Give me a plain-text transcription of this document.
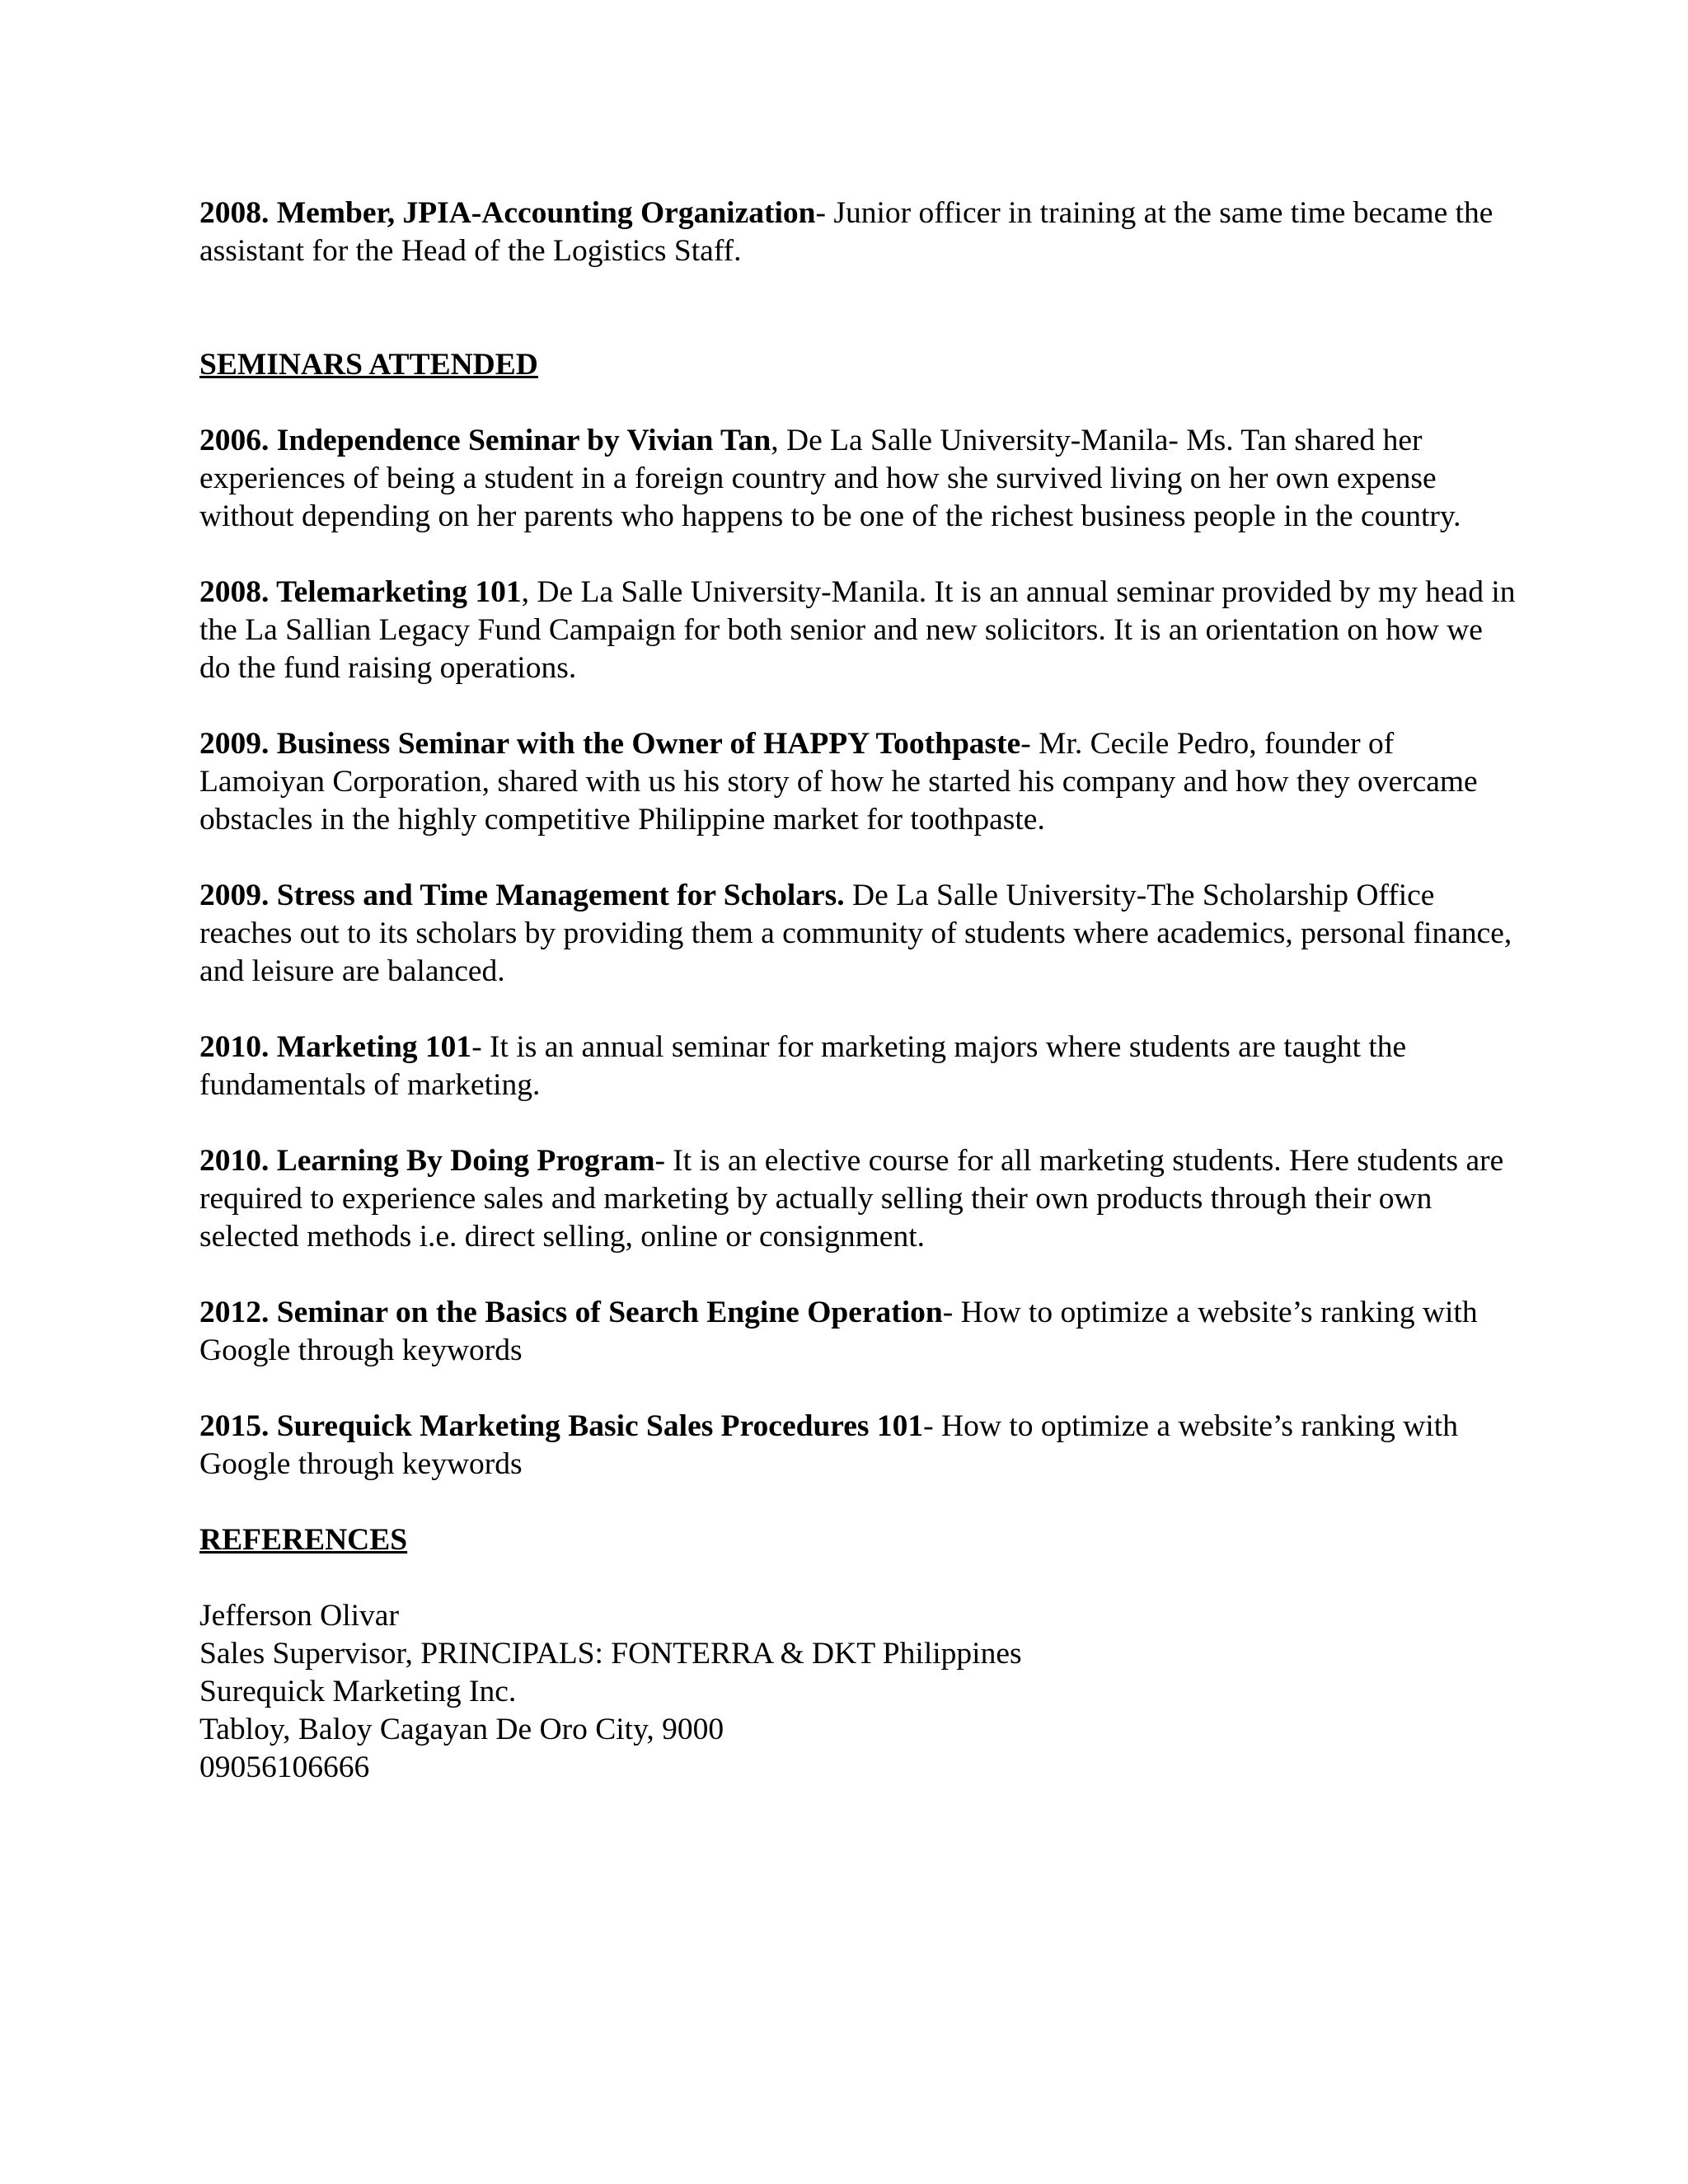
2008. Member, JPIA-Accounting Organization- Junior officer in training at the same time became the assistant for the Head of the Logistics Staff.

SEMINARS ATTENDED

2006. Independence Seminar by Vivian Tan, De La Salle University-Manila- Ms. Tan shared her experiences of being a student in a foreign country and how she survived living on her own expense without depending on her parents who happens to be one of the richest business people in the country.

2008. Telemarketing 101, De La Salle University-Manila. It is an annual seminar provided by my head in the La Sallian Legacy Fund Campaign for both senior and new solicitors. It is an orientation on how we do the fund raising operations.

2009. Business Seminar with the Owner of HAPPY Toothpaste- Mr. Cecile Pedro, founder of Lamoiyan Corporation, shared with us his story of how he started his company and how they overcame obstacles in the highly competitive Philippine market for toothpaste.

2009. Stress and Time Management for Scholars. De La Salle University-The Scholarship Office reaches out to its scholars by providing them a community of students where academics, personal finance, and leisure are balanced.

2010. Marketing 101- It is an annual seminar for marketing majors where students are taught the fundamentals of marketing.

2010. Learning By Doing Program- It is an elective course for all marketing students. Here students are required to experience sales and marketing by actually selling their own products through their own selected methods i.e. direct selling, online or consignment.

2012. Seminar on the Basics of Search Engine Operation- How to optimize a website’s ranking with Google through keywords

2015. Surequick Marketing Basic Sales Procedures 101- How to optimize a website’s ranking with Google through keywords

REFERENCES

Jefferson Olivar

Sales Supervisor, PRINCIPALS: FONTERRA & DKT Philippines

Surequick Marketing Inc.

Tabloy, Baloy Cagayan De Oro City, 9000

09056106666
